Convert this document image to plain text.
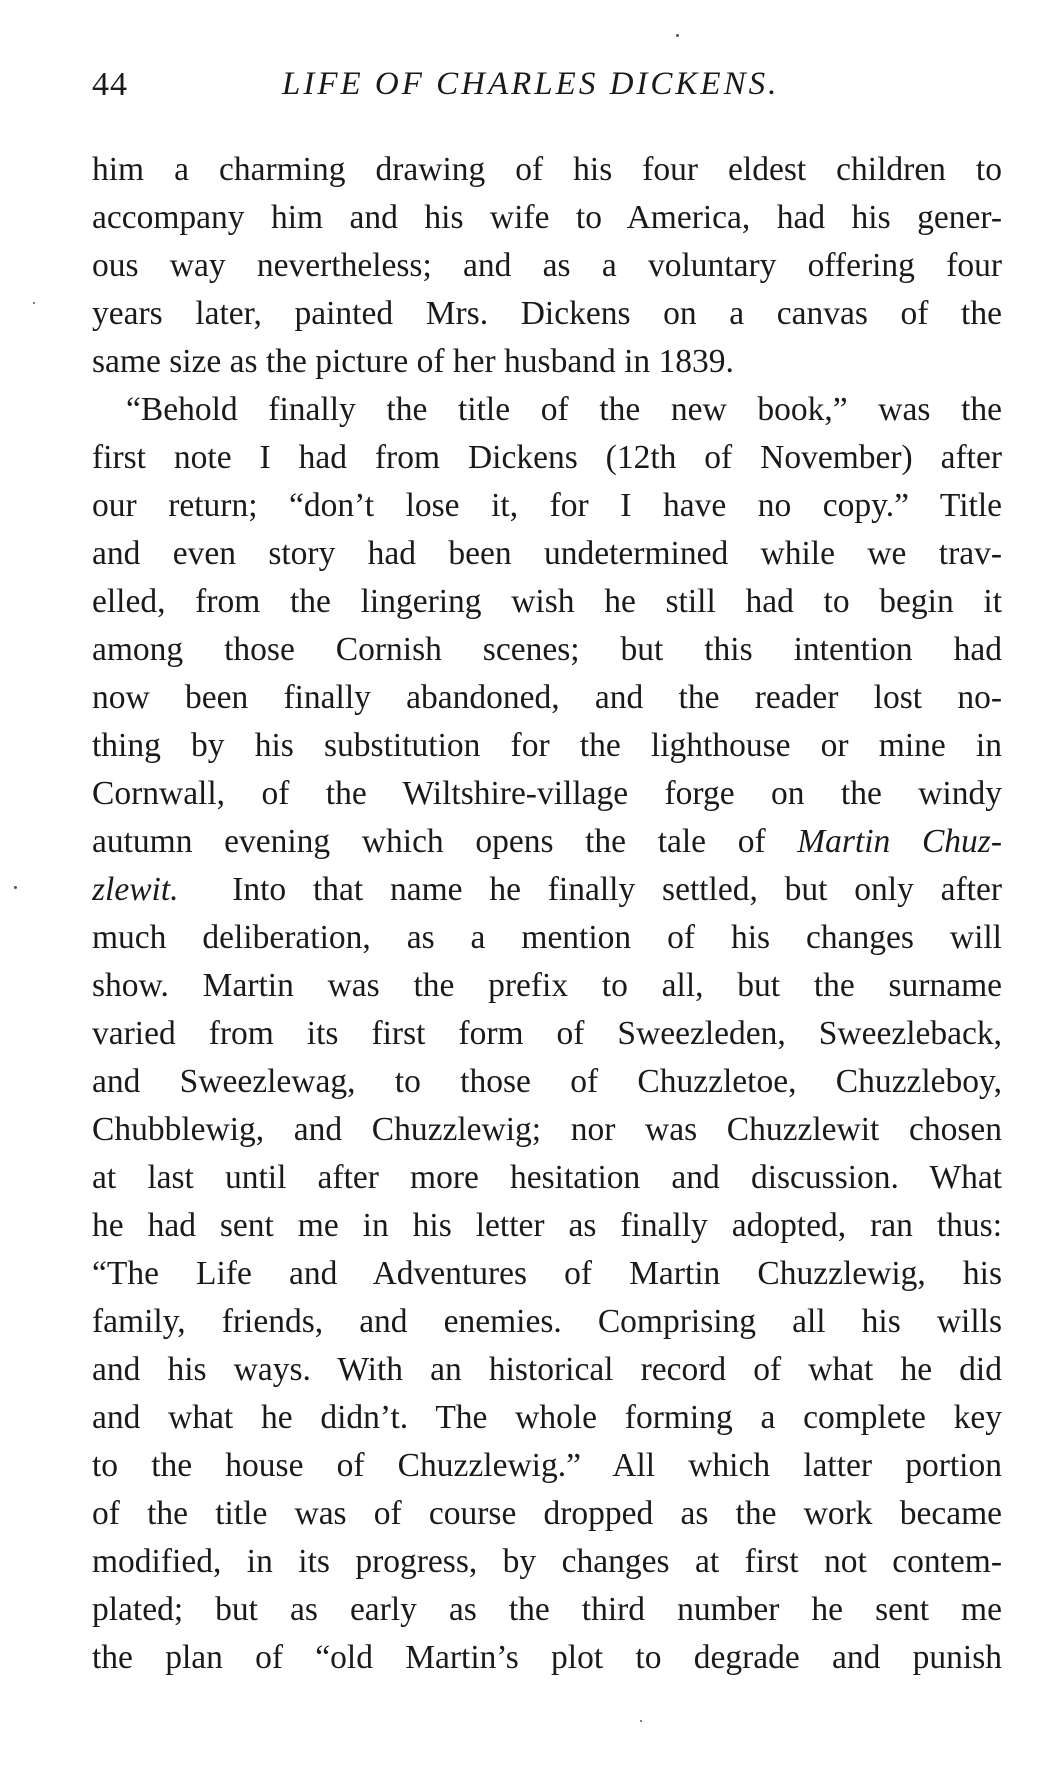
44	LIFE OF CHARLES DICKENS.
him a charming drawing of his four eldest children to
accompany him and his wife to America, had his gener-
ous way nevertheless; and as a voluntary offering four
years later, painted Mrs. Dickens on a canvas of the
same size as the picture of her husband in 1839.
“Behold finally the title of the new book,” was the
first note I had from Dickens (12th of November) after
our return; “don’t lose it, for I have no copy.” Title
and even story had been undetermined while we trav-
elled, from the lingering wish he still had to begin it
among those Cornish scenes; but this intention had
now been finally abandoned, and the reader lost no-
thing by his substitution for the lighthouse or mine in
Cornwall, of the Wiltshire-village forge on the windy
autumn evening which opens the tale of Martin Chuz-
zlewit. Into that name he finally settled, but only after
much deliberation, as a mention of his changes will
show. Martin was the prefix to all, but the surname
varied from its first form of Sweezleden, Sweezleback,
and Sweezlewag, to those of Chuzzletoe, Chuzzleboy,
Chubblewig, and Chuzzlewig; nor was Chuzzlewit chosen
at last until after more hesitation and discussion. What
he had sent me in his letter as finally adopted, ran thus:
“The Life and Adventures of Martin Chuzzlewig, his
family, friends, and enemies. Comprising all his wills
and his ways. With an historical record of what he did
and what he didn’t. The whole forming a complete key
to the house of Chuzzlewig.” All which latter portion
of the title was of course dropped as the work became
modified, in its progress, by changes at first not contem-
plated; but as early as the third number he sent me
the plan of “old Martin’s plot to degrade and punish
